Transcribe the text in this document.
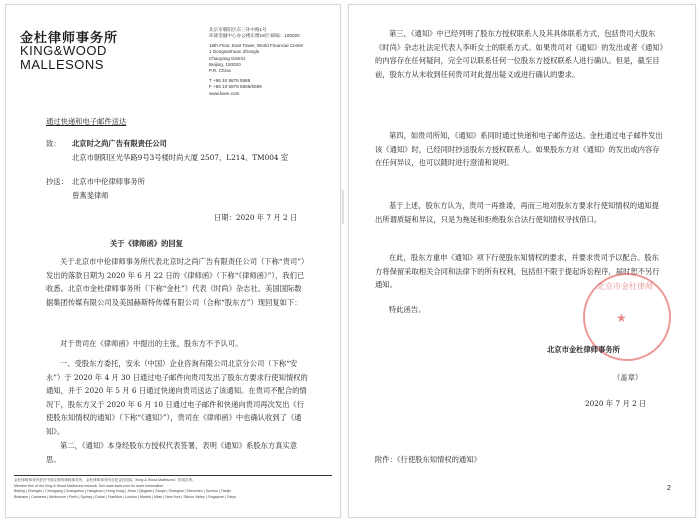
金杜律师事务所
KING&WOOD
MALLESONS
北京市朝阳区东三环中路1号
环球金融中心办公楼东楼18层 邮编：100020
18th Floor, East Tower, World Financial Center
1 Dongsanhuan Zhonglu
Chaoyang District
Beijing, 100020
P.R. China
T +86 10 5878 5588
F +86 10 5878 5566/5599
www.kwm.com
通过快递和电子邮件送达
致： 北京时之尚广告有限责任公司
北京市朝阳区光华路9号3号楼时尚大厦 2507、L214、TM004 室
抄送： 北京市中伦律师事务所
曾燕斐律师
日期：2020 年 7 月 2 日
关于《律师函》的回复
关于北京市中伦律师事务所代表北京时之尚广告有限责任公司（下称“贵司”）发出的落款日期为 2020 年 6 月 22 日的《律师函》（下称“《律师函》”），我们已收悉。北京市金杜律师事务所（下称“金杜”）代表《时尚》杂志社、美国国际数据集团传媒有限公司及美国赫斯特传媒有限公司（合称“股东方”）现回复如下：
对于贵司在《律师函》中提出的主张，股东方不予认可。
一、受股东方委托，安永（中国）企业咨询有限公司北京分公司（下称“安永”）于 2020 年 4 月 30 日通过电子邮件向贵司发出了股东方要求行使知情权的通知，并于 2020 年 5 月 6 日通过快递向贵司送达了该通知。在贵司不配合的情况下，股东方又于 2020 年 6 月 10 日通过电子邮件和快递向贵司再次发出《行使股东知情权的通知》（下称“《通知》”），贵司在《律师函》中也确认收到了《通知》。
第二，《通知》本身经股东方授权代表签署，表明《通知》系股东方真实意思。
金杜律师事务所是在中国注册的律师事务所，金杜律师事务所亦是金杜国际（King & Wood Mallesons）的成员所。
Member firm of the King & Wood Mallesons network. See www.kwm.com for more information.
Beijing | Chengdu | Chongqing | Guangzhou | Hangzhou | Hong Kong | Jinan | Qingdao | Sanya | Shanghai | Shenzhen | Suzhou | Tianjin
Brisbane | Canberra | Melbourne | Perth | Sydney | Dubai | Frankfurt | London | Madrid | Milan | New York | Silicon Valley | Singapore | Tokyo
第三，《通知》中已经列明了股东方授权联系人及其具体联系方式，包括贵司大股东《时尚》杂志社法定代表人李昕女士的联系方式。如果贵司对《通知》的发出或者《通知》的内容存在任何疑问，完全可以联系任何一位股东方授权联系人进行确认。但是，截至目前，股东方从未收到任何贵司对此提出疑义或进行确认的要求。
第四，如贵司所知，《通知》系同时通过快递和电子邮件送达。金杜通过电子邮件发出该《通知》时，已经同时抄送股东方授权联系人。如果股东方对《通知》的发出或内容存在任何异议，也可以随时进行澄清和说明。
基于上述，股东方认为，贵司一再推诿，再而三地对股东方要求行使知情权的通知提出所谓质疑和异议，只是为拖延和拒绝股东合法行使知情权寻找借口。
在此，股东方重申《通知》项下行使股东知情权的要求，并要求贵司予以配合。股东方将保留采取相关合同和法律下的所有权利，包括但不限于提起诉讼程序，届时恕不另行通知。
特此函告。
北京市金杜律师
★
北京市金杜律师事务所
（盖章）
2020 年 7 月 2 日
附件：《行使股东知情权的通知》
2
